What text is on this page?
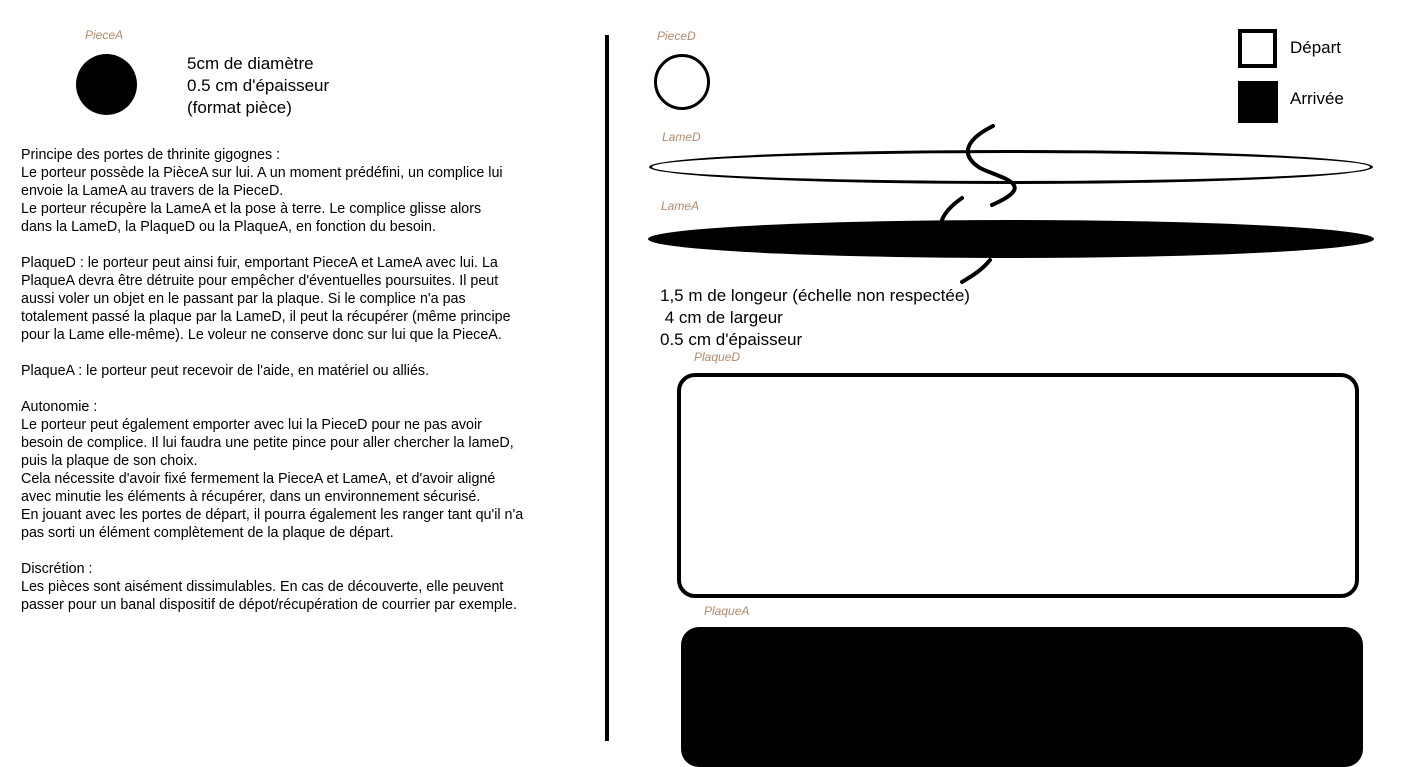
PieceA
5cm de diamètre
0.5 cm d'épaisseur
(format pièce)

Principe des portes de thrinite gigognes :

Le porteur possède la PièceA sur lui. A un moment prédéfini, un complice lui
envoie la LameA au travers de la PieceD.
Le porteur récupère la LameA et la pose à terre. Le complice glisse alors
dans la LameD, la PlaqueD ou la PlaqueA, en fonction du besoin.

PlaqueD : le porteur peut ainsi fuir, emportant PieceA et LameA avec lui. La
PlaqueA devra être détruite pour empêcher d'éventuelles poursuites. Il peut
aussi voler un objet en le passant par la plaque. Si le complice n'a pas
totalement passé la plaque par la LameD, il peut la récupérer (même principe
pour la Lame elle-même). Le voleur ne conserve donc sur lui que la PieceA.

PlaqueA : le porteur peut recevoir de l'aide, en matériel ou alliés.

Autonomie :
Le porteur peut également emporter avec lui la PieceD pour ne pas avoir
besoin de complice. Il lui faudra une petite pince pour aller chercher la lameD,
puis la plaque de son choix.
Cela nécessite d'avoir fixé fermement la PieceA et LameA, et d'avoir aligné
avec minutie les éléments à récupérer, dans un environnement sécurisé.
En jouant avec les portes de départ, il pourra également les ranger tant qu'il n'a
pas sorti un élément complètement de la plaque de départ.

Discrétion :
Les pièces sont aisément dissimulables. En cas de découverte, elle peuvent
passer pour un banal dispositif de dépot/récupération de courrier par exemple.

PieceD
Départ
Arrivée
LameD
LameA
1,5 m de longeur (échelle non respectée)
4 cm de largeur
0.5 cm d'épaisseur
PlaqueD
PlaqueA
